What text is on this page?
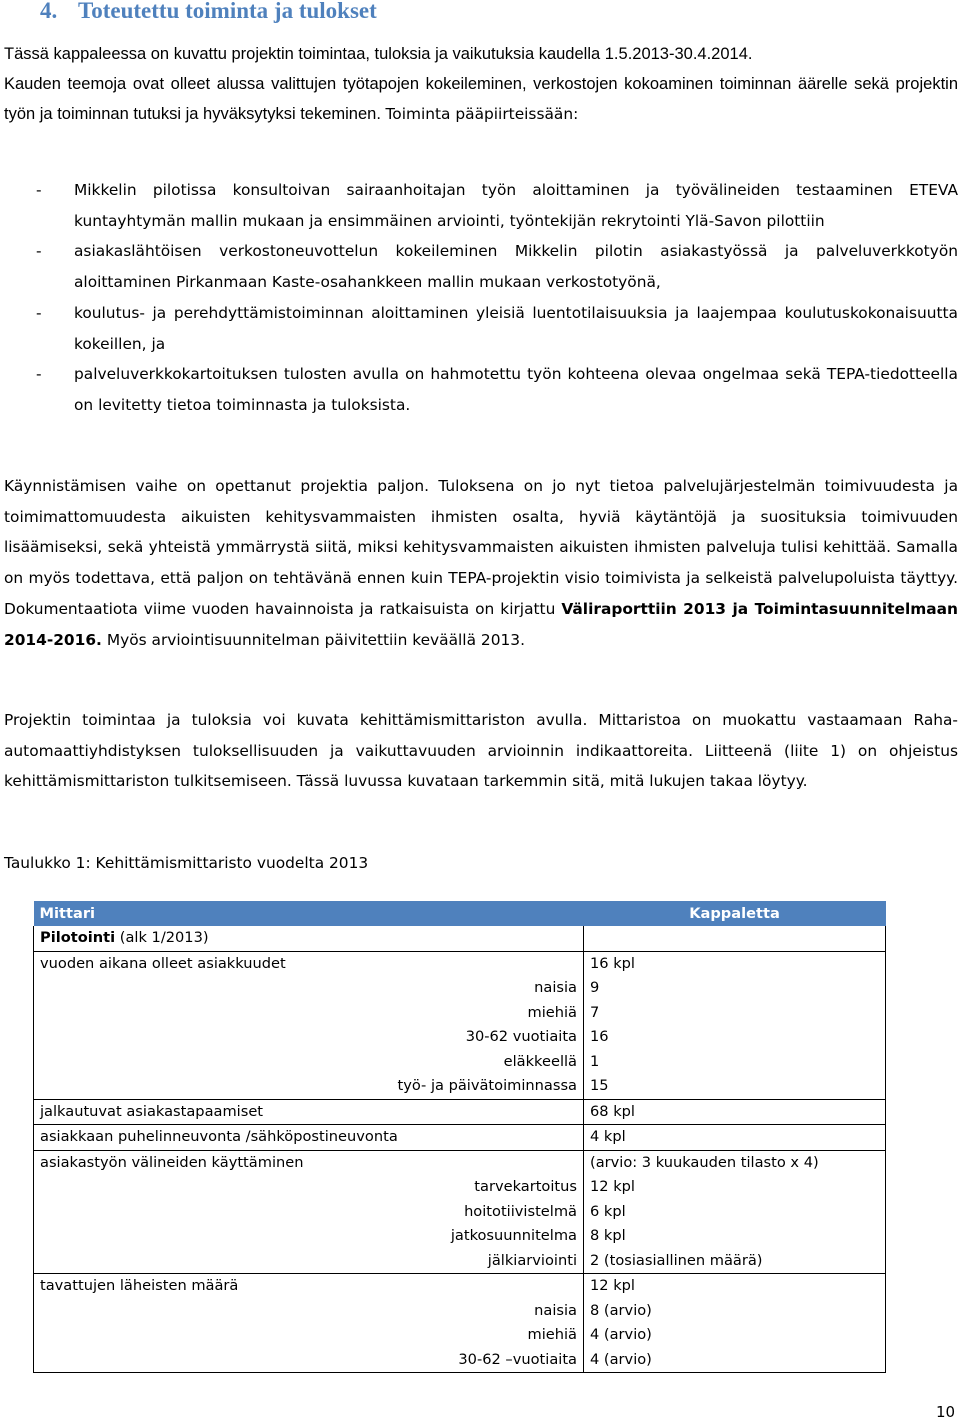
4. Toteutettu toiminta ja tulokset

Tässä kappaleessa on kuvattu projektin toimintaa, tuloksia ja vaikutuksia kaudella 1.5.2013-30.4.2014.

Kauden teemoja ovat olleet alussa valittujen työtapojen kokeileminen, verkostojen kokoaminen toiminnan äärelle sekä projektin työn ja toiminnan tutuksi ja hyväksytyksi tekeminen. Toiminta pääpiirteissään:

- Mikkelin pilotissa konsultoivan sairaanhoitajan työn aloittaminen ja työvälineiden testaaminen ETEVA kuntayhtymän mallin mukaan ja ensimmäinen arviointi, työntekijän rekrytointi Ylä-Savon pilottiin
- asiakaslähtöisen verkostoneuvottelun kokeileminen Mikkelin pilotin asiakastyössä ja palveluverkkotyön aloittaminen Pirkanmaan Kaste-osahankkeen mallin mukaan verkostotyönä,
- koulutus- ja perehdyttämistoiminnan aloittaminen yleisiä luentotilaisuuksia ja laajempaa koulutuskokonaisuutta kokeillen, ja
- palveluverkkokartoituksen tulosten avulla on hahmotettu työn kohteena olevaa ongelmaa sekä TEPA-tiedotteella on levitetty tietoa toiminnasta ja tuloksista.

Käynnistämisen vaihe on opettanut projektia paljon. Tuloksena on jo nyt tietoa palvelujärjestelmän toimivuudesta ja toimimattomuudesta aikuisten kehitysvammaisten ihmisten osalta, hyviä käytäntöjä ja suosituksia toimivuuden lisäämiseksi, sekä yhteistä ymmärrystä siitä, miksi kehitysvammaisten aikuisten ihmisten palveluja tulisi kehittää. Samalla on myös todettava, että paljon on tehtävänä ennen kuin TEPA-projektin visio toimivista ja selkeistä palvelupoluista täyttyy. Dokumentaatiota viime vuoden havainnoista ja ratkaisuista on kirjattu Väliraporttiin 2013 ja Toimintasuunnitelmaan 2014-2016. Myös arviointisuunnitelman päivitettiin keväällä 2013.

Projektin toimintaa ja tuloksia voi kuvata kehittämismittariston avulla. Mittaristoa on muokattu vastaamaan Raha-automaattiyhdistyksen tuloksellisuuden ja vaikuttavuuden arvioinnin indikaattoreita. Liitteenä (liite 1) on ohjeistus kehittämismittariston tulkitsemiseen. Tässä luvussa kuvataan tarkemmin sitä, mitä lukujen takaa löytyy.

Taulukko 1: Kehittämismittaristo vuodelta 2013

Mittari	Kappaletta
Pilotointi (alk 1/2013)	
vuoden aikana olleet asiakkuudet	16 kpl
naisia	9
miehiä	7
30-62 vuotiaita	16
eläkkeellä	1
työ- ja päivätoiminnassa	15
jalkautuvat asiakastapaamiset	68 kpl
asiakkaan puhelinneuvonta /sähköpostineuvonta	4 kpl
asiakastyön välineiden käyttäminen	(arvio: 3 kuukauden tilasto x 4)
tarvekartoitus	12 kpl
hoitotiivistelmä	6 kpl
jatkosuunnitelma	8 kpl
jälkiarviointi	2 (tosiasiallinen määrä)
tavattujen läheisten määrä	12 kpl
naisia	8 (arvio)
miehiä	4 (arvio)
30-62 –vuotiaita	4 (arvio)
10
